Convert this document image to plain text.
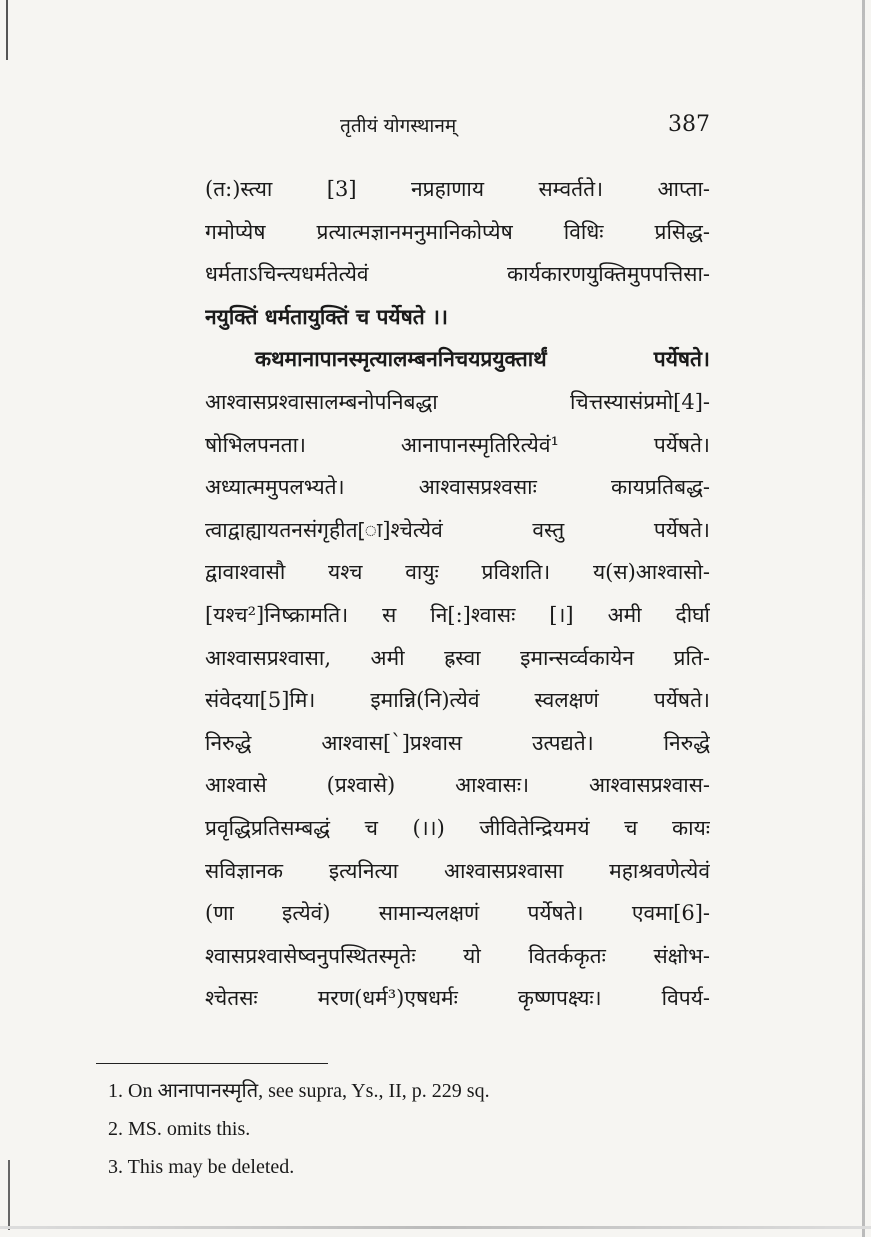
तृतीयं योगस्थानम्	387
(त:)स्त्या [3] नप्रहाणाय सम्वर्तते। आप्ता-
गमोप्येष प्रत्यात्मज्ञानमनुमानिकोप्येष विधिः प्रसिद्ध-
धर्मताऽचिन्त्यधर्मतेत्येवं कार्यकारणयुक्तिमुपपत्तिसा-
नयुक्तिं धर्मतायुक्तिं च पर्येषते ।।
कथमानापानस्मृत्यालम्बननिचयप्रयुक्तार्थं पर्येषते।
आश्वासप्रश्वासालम्बनोपनिबद्धा चित्तस्यासंप्रमो[4]-
षोभिलपनता। आनापानस्मृतिरित्येवं¹ पर्येषते।
अध्यात्ममुपलभ्यते। आश्वासप्रश्वसाः कायप्रतिबद्ध-
त्वाद्वाह्यायतनसंगृहीत[ा]श्चेत्येवं वस्तु पर्येषते।
द्वावाश्वासौ यश्च वायुः प्रविशति। य(स)आश्वासो-
[यश्च²]निष्क्रामति। स नि[:]श्वासः [।] अमी दीर्घा
आश्वासप्रश्वासा, अमी ह्रस्वा इमान्सर्व्वकायेन प्रति-
संवेदया[5]मि। इमान्नि(नि)त्येवं स्वलक्षणं पर्येषते।
निरुद्धे आश्वास[`]प्रश्वास उत्पद्यते। निरुद्धे
आश्वासे (प्रश्वासे) आश्वासः। आश्वासप्रश्वास-
प्रवृद्धिप्रतिसम्बद्धं च (।।) जीवितेन्द्रियमयं च कायः
सविज्ञानक इत्यनित्या आश्वासप्रश्वासा महाश्रवणेत्येवं
(णा इत्येवं) सामान्यलक्षणं पर्येषते। एवमा[6]-
श्वासप्रश्वासेष्वनुपस्थितस्मृतेः यो वितर्ककृतः संक्षोभ-
श्चेतसः मरण(धर्म³)एषधर्मः कृष्णपक्ष्यः। विपर्य-
1. On आनापानस्मृति, see supra, Ys., II, p. 229 sq.
2. MS. omits this.
3. This may be deleted.
